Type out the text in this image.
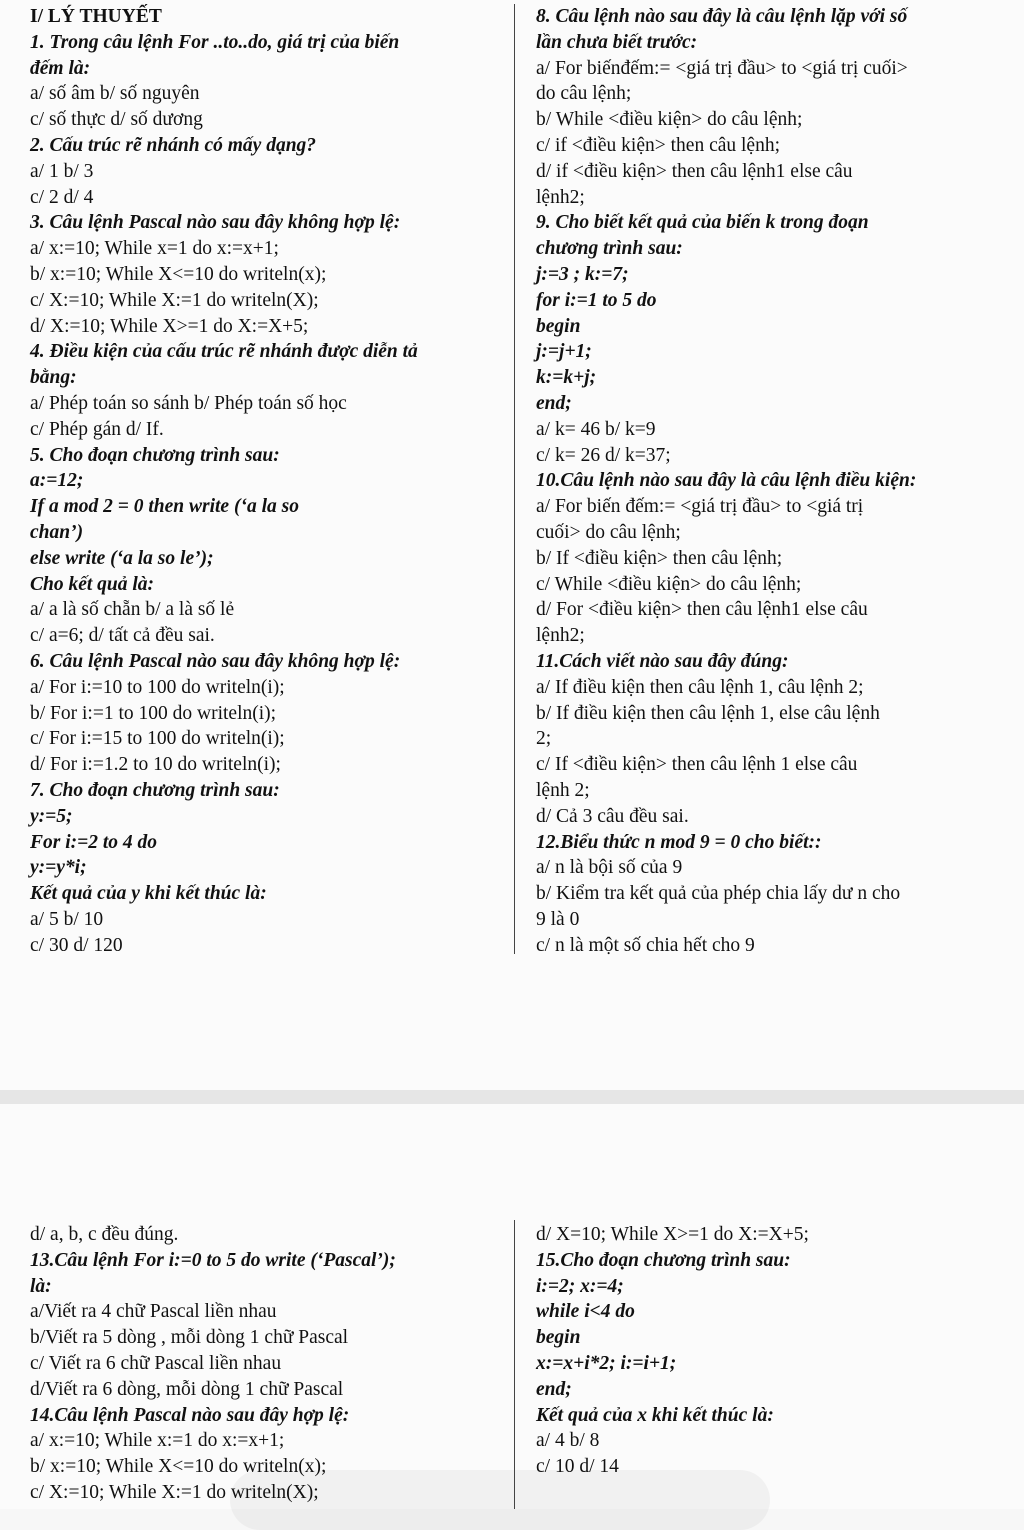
I/ LÝ THUYẾT
1. Trong câu lệnh For ..to..do, giá trị của biến
đếm là:
a/ số âm b/ số nguyên
c/ số thực d/ số dương
2. Cấu trúc rẽ nhánh có mấy dạng?
a/ 1 b/ 3
c/ 2 d/ 4
3. Câu lệnh Pascal nào sau đây không hợp lệ:
a/ x:=10; While x=1 do x:=x+1;
b/ x:=10; While X<=10 do writeln(x);
c/ X:=10; While X:=1 do writeln(X);
d/ X:=10; While X>=1 do X:=X+5;
4. Điều kiện của cấu trúc rẽ nhánh được diễn tả
bằng:
a/ Phép toán so sánh b/ Phép toán số học
c/ Phép gán d/ If.
5. Cho đoạn chương trình sau:
a:=12;
If a mod 2 = 0 then write (‘a la so
chan’)
else write (‘a la so le’);
Cho kết quả là:
a/ a là số chẵn b/ a là số lẻ
c/ a=6; d/ tất cả đều sai.
6. Câu lệnh Pascal nào sau đây không hợp lệ:
a/ For i:=10 to 100 do writeln(i);
b/ For i:=1 to 100 do writeln(i);
c/ For i:=15 to 100 do writeln(i);
d/ For i:=1.2 to 10 do writeln(i);
7. Cho đoạn chương trình sau:
y:=5;
For i:=2 to 4 do
y:=y*i;
Kết quả của y khi kết thúc là:
a/ 5 b/ 10
c/ 30 d/ 120
8. Câu lệnh nào sau đây là câu lệnh lặp với số
lần chưa biết trước:
a/ For biếnđếm:= <giá trị đầu> to <giá trị cuối>
do câu lệnh;
b/ While <điều kiện> do câu lệnh;
c/ if <điều kiện> then câu lệnh;
d/ if <điều kiện> then câu lệnh1 else câu
lệnh2;
9. Cho biết kết quả của biến k trong đoạn
chương trình sau:
j:=3 ; k:=7;
for i:=1 to 5 do
begin
j:=j+1;
k:=k+j;
end;
a/ k= 46 b/ k=9
c/ k= 26 d/ k=37;
10.Câu lệnh nào sau đây là câu lệnh điều kiện:
a/ For biến đếm:= <giá trị đầu> to <giá trị
cuối> do câu lệnh;
b/ If <điều kiện> then câu lệnh;
c/ While <điều kiện> do câu lệnh;
d/ For <điều kiện> then câu lệnh1 else câu
lệnh2;
11.Cách viết nào sau đây đúng:
a/ If điều kiện then câu lệnh 1, câu lệnh 2;
b/ If điều kiện then câu lệnh 1, else câu lệnh
2;
c/ If <điều kiện> then câu lệnh 1 else câu
lệnh 2;
d/ Cả 3 câu đều sai.
12.Biểu thức n mod 9 = 0 cho biết::
a/ n là bội số của 9
b/ Kiểm tra kết quả của phép chia lấy dư n cho
9 là 0
c/ n là một số chia hết cho 9
d/ a, b, c đều đúng.
13.Câu lệnh For i:=0 to 5 do write (‘Pascal’);
là:
a/Viết ra 4 chữ Pascal liền nhau
b/Viết ra 5 dòng , mỗi dòng 1 chữ Pascal
c/ Viết ra 6 chữ Pascal liền nhau
d/Viết ra 6 dòng, mỗi dòng 1 chữ Pascal
14.Câu lệnh Pascal nào sau đây hợp lệ:
a/ x:=10; While x:=1 do x:=x+1;
b/ x:=10; While X<=10 do writeln(x);
c/ X:=10; While X:=1 do writeln(X);
d/ X=10; While X>=1 do X:=X+5;
15.Cho đoạn chương trình sau:
i:=2; x:=4;
while i<4 do
begin
x:=x+i*2; i:=i+1;
end;
Kết quả của x khi kết thúc là:
a/ 4 b/ 8
c/ 10 d/ 14
